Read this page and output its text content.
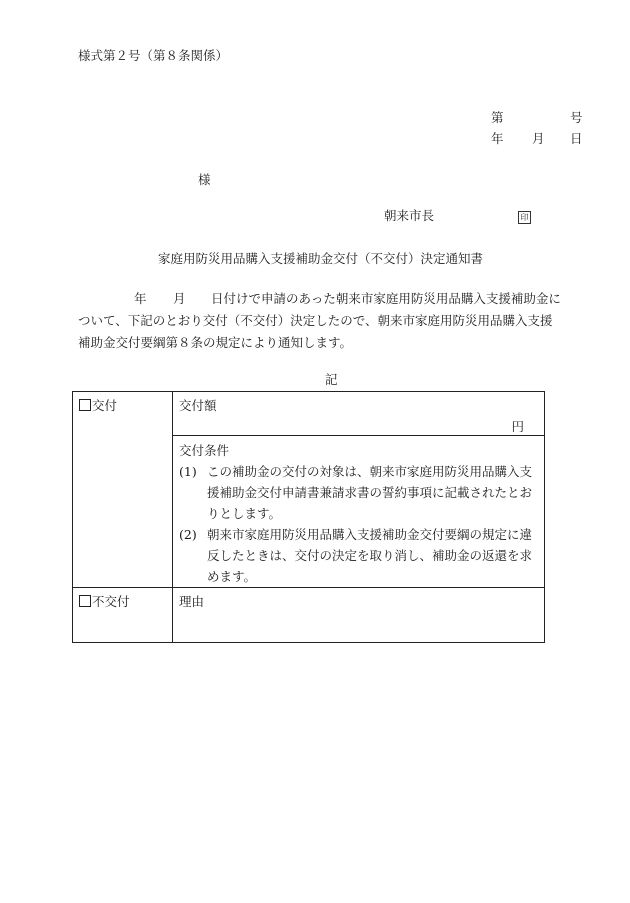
様式第２号（第８条関係）
第	号
年 月 日
様
朝来市長	印
家庭用防災用品購入支援補助金交付（不交付）決定通知書
年 月 日付けで申請のあった朝来市家庭用防災用品購入支援補助金に
ついて、下記のとおり交付（不交付）決定したので、朝来市家庭用防災用品購入支援
補助金交付要綱第８条の規定により通知します。
記
交付	交付額
円

	交付条件
(1) この補助金の交付の対象は、朝来市家庭用防災用品購入支援補助金交付申請書兼請求書の誓約事項に記載されたとおりとします。
(2) 朝来市家庭用防災用品購入支援補助金交付要綱の規定に違反したときは、交付の決定を取り消し、補助金の返還を求めます。

不交付	理由
